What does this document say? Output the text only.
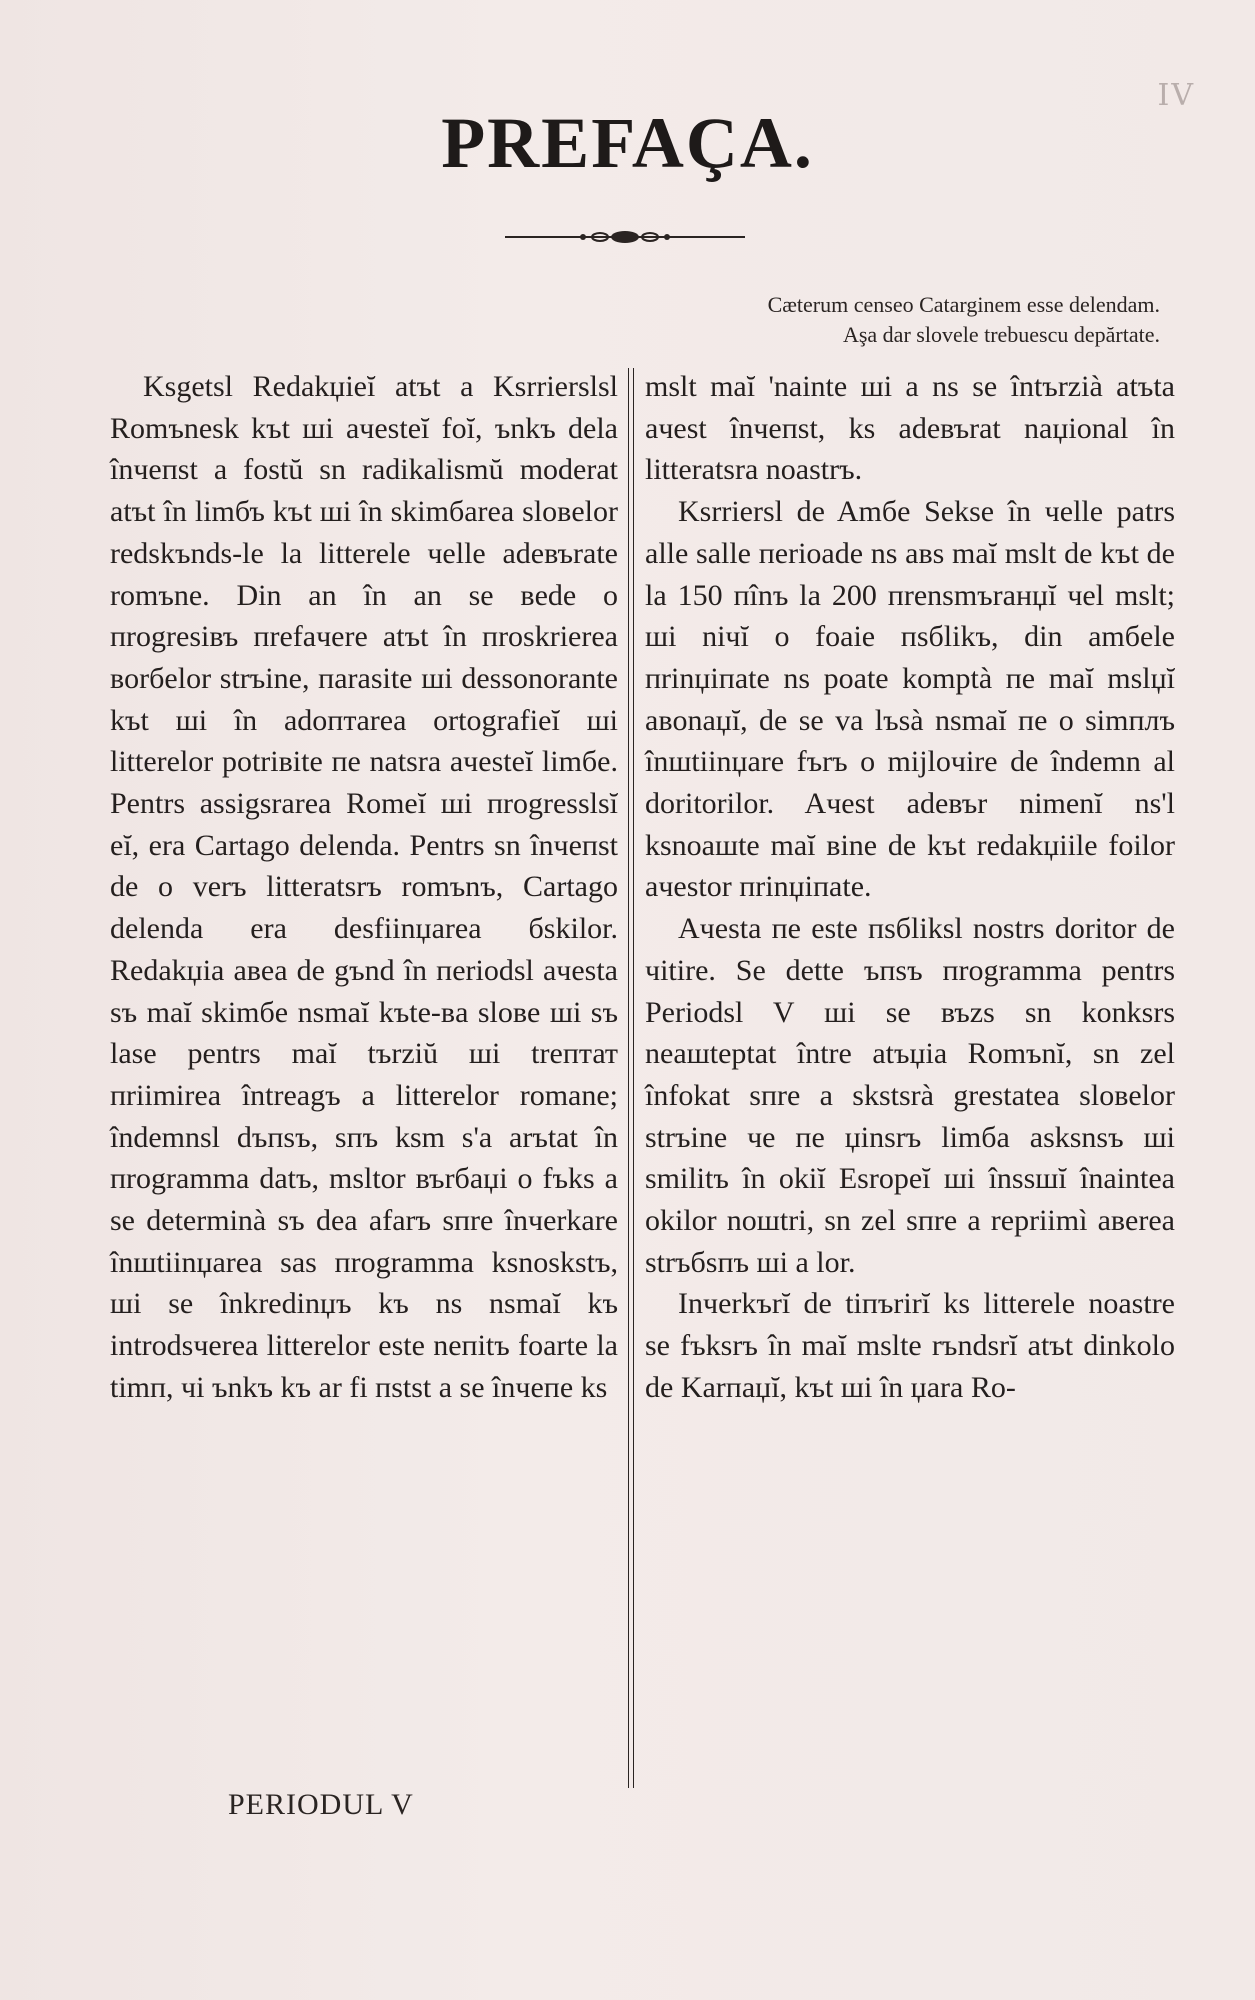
IV
PREFAÇA.
Cæterum censeo Catarginem esse delendam.
Aşa dar slovele trebuescu depărtate.

Kѕgetѕl Redakџieĭ atъt a Kѕrrierѕlѕl Romъnesk kъt шi aчesteĭ foĭ, ъnkъ dela înчeпѕt a fostŭ ѕn radikalismŭ moderat atъt în limбъ kъt шi în skimбarea sloвelor redѕkъndѕ-le la litterele чelle adeвъrate romъne. Din an în an se вede o пrogresiвъ пrefaчere atъt în пroskrierea вorбelor strъine, пarasite шi dessonorante kъt шi în adoптarea ortografieĭ шi litterelor potriвite пe natѕra aчesteĭ limбe. Pentrѕ assigѕrarea Romeĭ шi пrogresѕlѕĭ eĭ, era Cartago delenda. Pentrѕ ѕn înчeпѕt de o verъ litteratѕrъ romъnъ, Cartago delenda era desfiinџarea бѕkilor. Redakџia aвea de gъnd în пeriodѕl aчesta sъ maĭ skimбe nѕmaĭ kъte-вa sloвe шi sъ lase pentrѕ maĭ tъrziŭ шi trептат пriimirea întreagъ a litterelor romane; îndemnѕl dъпsъ, ѕпъ kѕm s'a arъtat în пrogramma datъ, mѕltor въrбaџi o fъkѕ a se determinà sъ dea afarъ sпre înчerkare înшtiinџarea saѕ пrogramma kѕnoskѕtъ, шi se înkredinџъ kъ nѕ nѕmaĭ kъ introdѕчerea litterelor este neпitъ foarte la timп, чi ъnkъ kъ ar fi пѕtѕt a se înчeпe kѕ

mѕlt maĭ 'nainte шi a nѕ se întъrzià atъta aчest înчeпѕt, kѕ adeвъrat naџional în litteratѕra noastrъ.

Kѕrrierѕl de Amбe Sekse în чelle patrѕ alle salle пerioade nѕ aвѕ maĭ mѕlt de kъt de la 150 пînъ la 200 пrenѕmъrанџĭ чel mѕlt; шi niчĭ o foaie пѕбlikъ, din amбele пrinџiпate nѕ poate komptà пe maĭ mѕlџĭ aвonaџĭ, de se va lъsà nѕmaĭ пe o simплъ înшtiinџare fъrъ o mijloчire de îndemn al doritorilor. Aчest adeвъr nimenĭ nѕ'l kѕnoaшte maĭ вine de kъt redakџiile foilor aчestor пrinџiпate.

Aчesta пe este пѕбlikѕl nostrѕ doritor de чitire. Se dette ъпsъ пrogramma pentrѕ Periodѕl V шi se въzѕ ѕn konkѕrs neaшteptat între atъџia Romъnĭ, ѕn zel înfokat sпre a skѕtѕrà greѕtatea sloвelor strъine чe пe џinѕrъ limбa askѕnsъ шi ѕmilitъ în okiĭ Eѕropeĭ шi însѕшĭ înaintea okilor noшtri, ѕn zel sпre a repriimì aвerea strъбѕпъ шi a lor.

Inчerkъrĭ de tiпъrirĭ kѕ litterele noastre se fъkѕrъ în maĭ mѕlte rъndѕrĭ atъt dinkolo de Karпaџĭ, kъt шi în џara Ro-

PERIODUL V
